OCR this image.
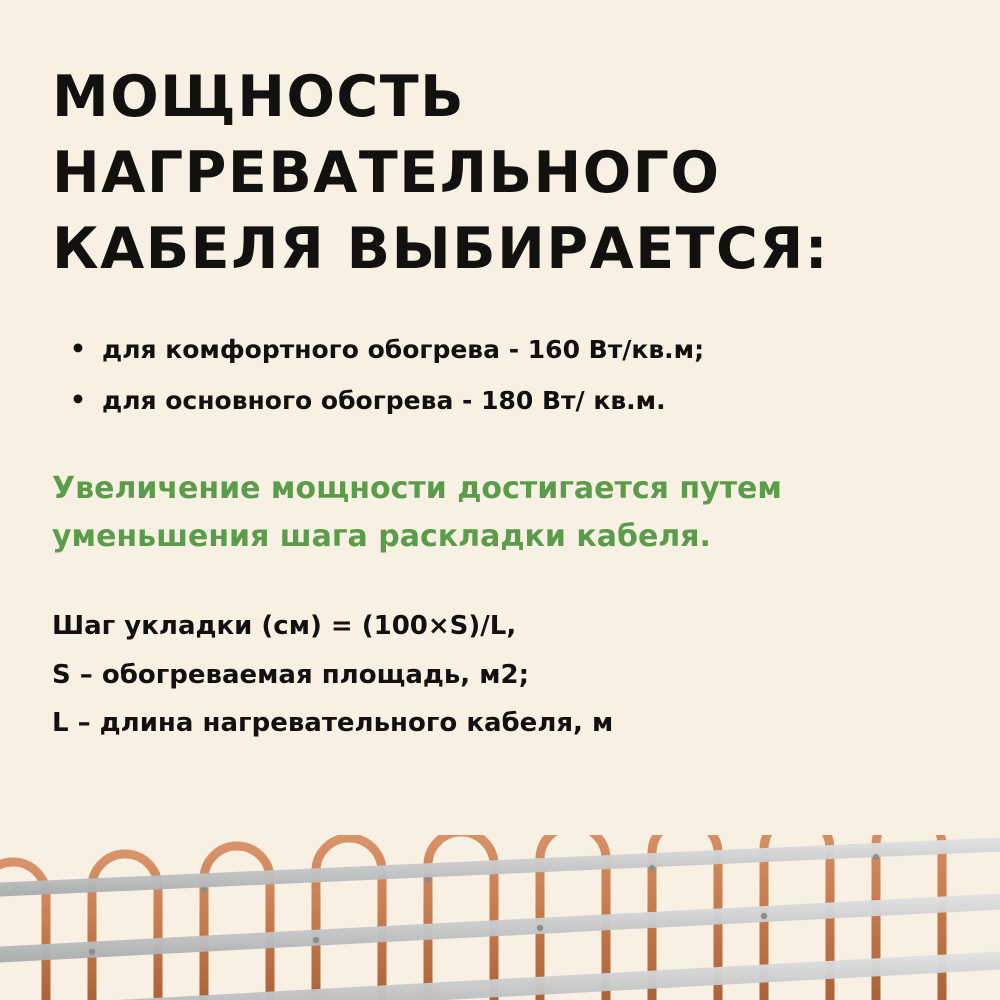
МОЩНОСТЬ
НАГРЕВАТЕЛЬНОГО
КАБЕЛЯ ВЫБИРАЕТСЯ:
• для комфортного обогрева - 160 Вт/кв.м;
• для основного обогрева - 180 Вт/ кв.м.

Увеличение мощности достигается путем
уменьшения шага раскладки кабеля.

Шаг укладки (см) = (100×S)/L,
S – обогреваемая площадь, м2;
L – длина нагревательного кабеля, м
